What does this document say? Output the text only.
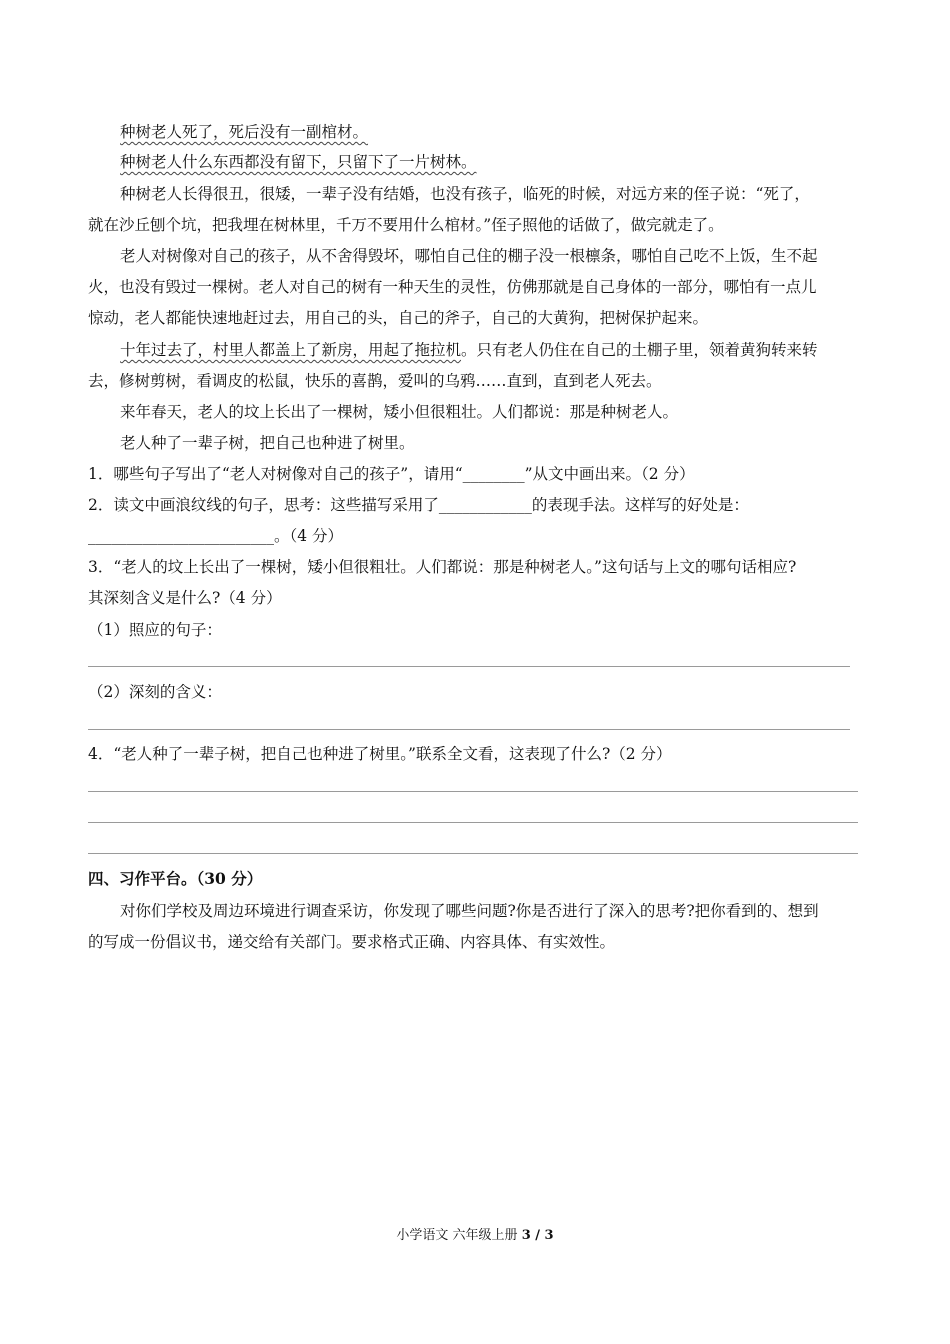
种树老人死了，死后没有一副棺材。
种树老人什么东西都没有留下，只留下了一片树林。
种树老人长得很丑，很矮，一辈子没有结婚，也没有孩子，临死的时候，对远方来的侄子说：“死了，
就在沙丘刨个坑，把我埋在树林里，千万不要用什么棺材。”侄子照他的话做了，做完就走了。
老人对树像对自己的孩子，从不舍得毁坏，哪怕自己住的棚子没一根檩条，哪怕自己吃不上饭，生不起
火，也没有毁过一棵树。老人对自己的树有一种天生的灵性，仿佛那就是自己身体的一部分，哪怕有一点儿
惊动，老人都能快速地赶过去，用自己的头，自己的斧子，自己的大黄狗，把树保护起来。
十年过去了，村里人都盖上了新房，用起了拖拉机。只有老人仍住在自己的土棚子里，领着黄狗转来转
去，修树剪树，看调皮的松鼠，快乐的喜鹊，爱叫的乌鸦……直到，直到老人死去。
来年春天，老人的坟上长出了一棵树，矮小但很粗壮。人们都说：那是种树老人。
老人种了一辈子树，把自己也种进了树里。
1．哪些句子写出了“老人对树像对自己的孩子”，请用“________”从文中画出来。（2 分）
2．读文中画浪纹线的句子，思考：这些描写采用了____________的表现手法。这样写的好处是：
________________________。（4 分）
3．“老人的坟上长出了一棵树，矮小但很粗壮。人们都说：那是种树老人。”这句话与上文的哪句话相应?
其深刻含义是什么?（4 分）
（1）照应的句子：
（2）深刻的含义：
4．“老人种了一辈子树，把自己也种进了树里。”联系全文看，这表现了什么?（2 分）
四、习作平台。（30 分）
对你们学校及周边环境进行调查采访，你发现了哪些问题?你是否进行了深入的思考?把你看到的、想到
的写成一份倡议书，递交给有关部门。要求格式正确、内容具体、有实效性。
小学语文 六年级上册 3 / 3
